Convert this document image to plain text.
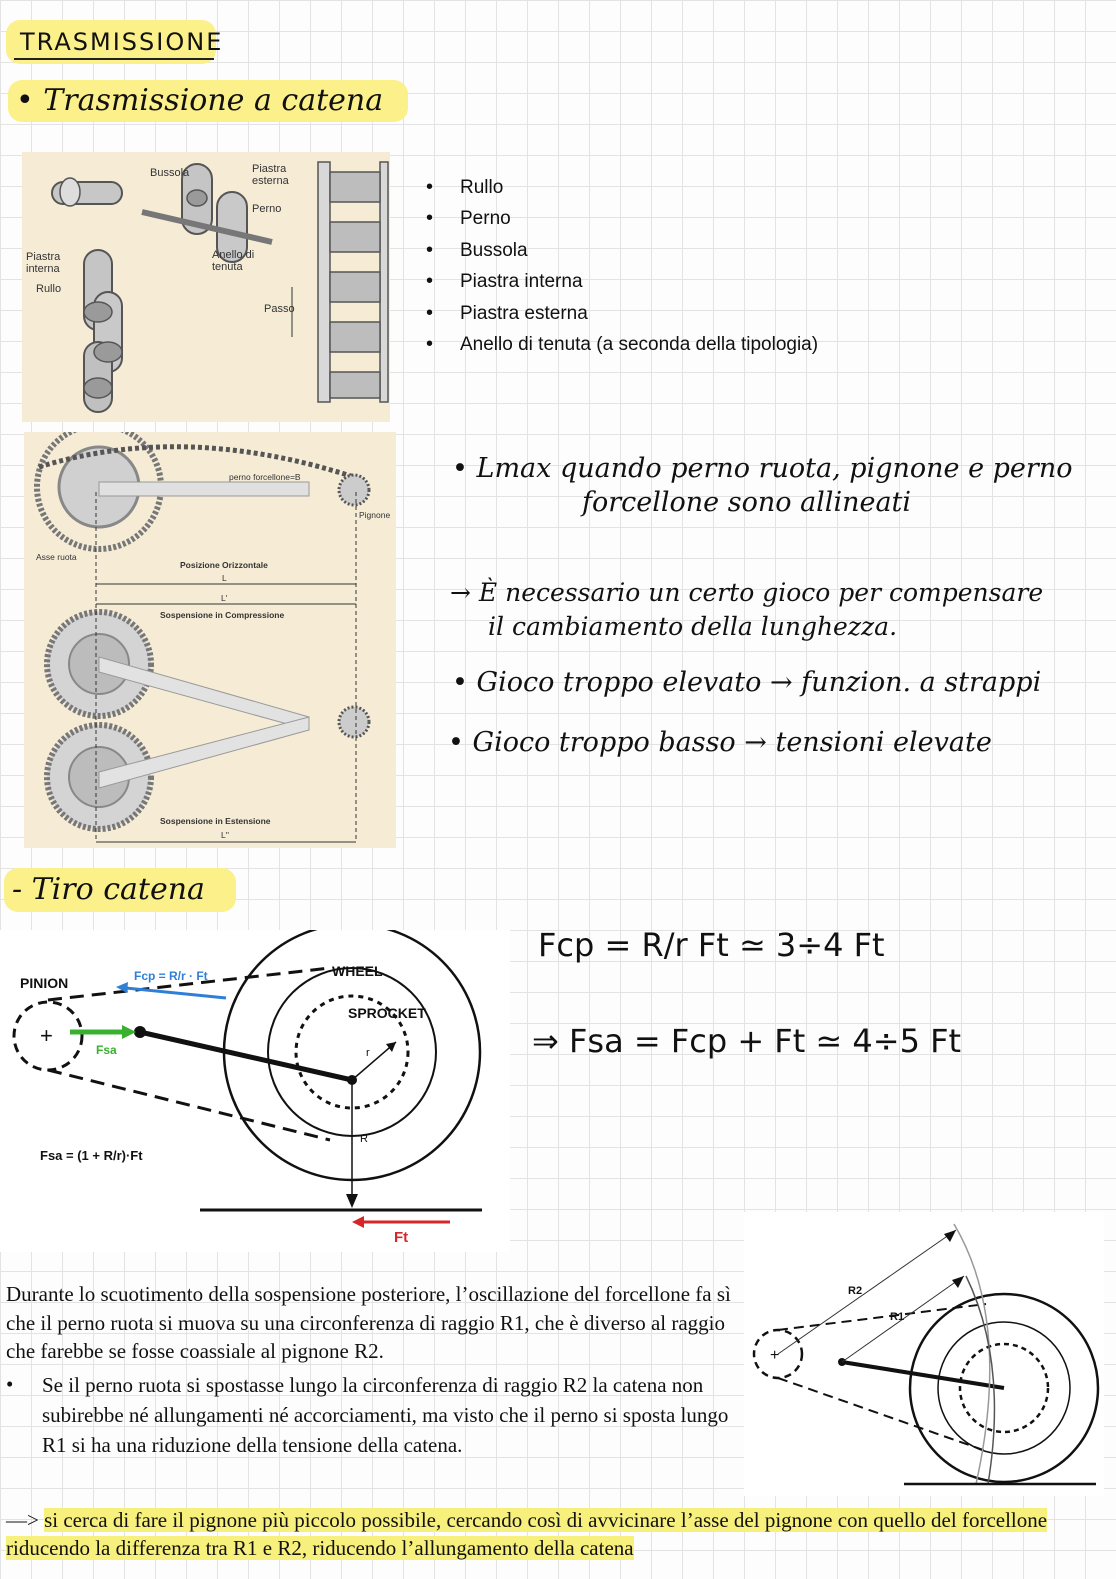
TRASMISSIONE
• Trasmissione a catena
Bussola	Piastra
esterna
Perno
Piastra
interna
Anello di
tenuta
Rullo
Passo
• Rullo
• Perno
• Bussola
• Piastra interna
• Piastra esterna
• Anello di tenuta (a seconda della tipologia)
perno forcellone=B
Pignone
Asse ruota
Posizione Orizzontale
L
L'
Sospensione in Compressione
Sospensione in Estensione
L''
• Lmax quando perno ruota, pignone e perno
forcellone sono allineati
→ È necessario un certo gioco per compensare
il cambiamento della lunghezza.
• Gioco troppo elevato → funzion. a strappi
• Gioco troppo basso → tensioni elevate
- Tiro catena
+
PINION
WHEEL
SPROCKET
Fcp = R/r · Ft
Fsa
Fsa = (1 + R/r)·Ft
r
R
Ft
Fcp = R/r Ft ≃ 3÷4 Ft
⇒ Fsa = Fcp + Ft ≃ 4÷5 Ft
Durante lo scuotimento della sospensione posteriore, l’oscillazione del forcellone fa sì che il perno ruota si muova su una circonferenza di raggio R1, che è diverso al raggio che farebbe se fosse coassiale al pignone R2.
•	Se il perno ruota si spostasse lungo la circonferenza di raggio R2 la catena non subirebbe né allungamenti né accorciamenti, ma visto che il perno si sposta lungo R1 si ha una riduzione della tensione della catena.
+
R2
R1
—> si cerca di fare il pignone più piccolo possibile, cercando così di avvicinare l’asse del pignone con quello del forcellone riducendo la differenza tra R1 e R2, riducendo l’allungamento della catena
